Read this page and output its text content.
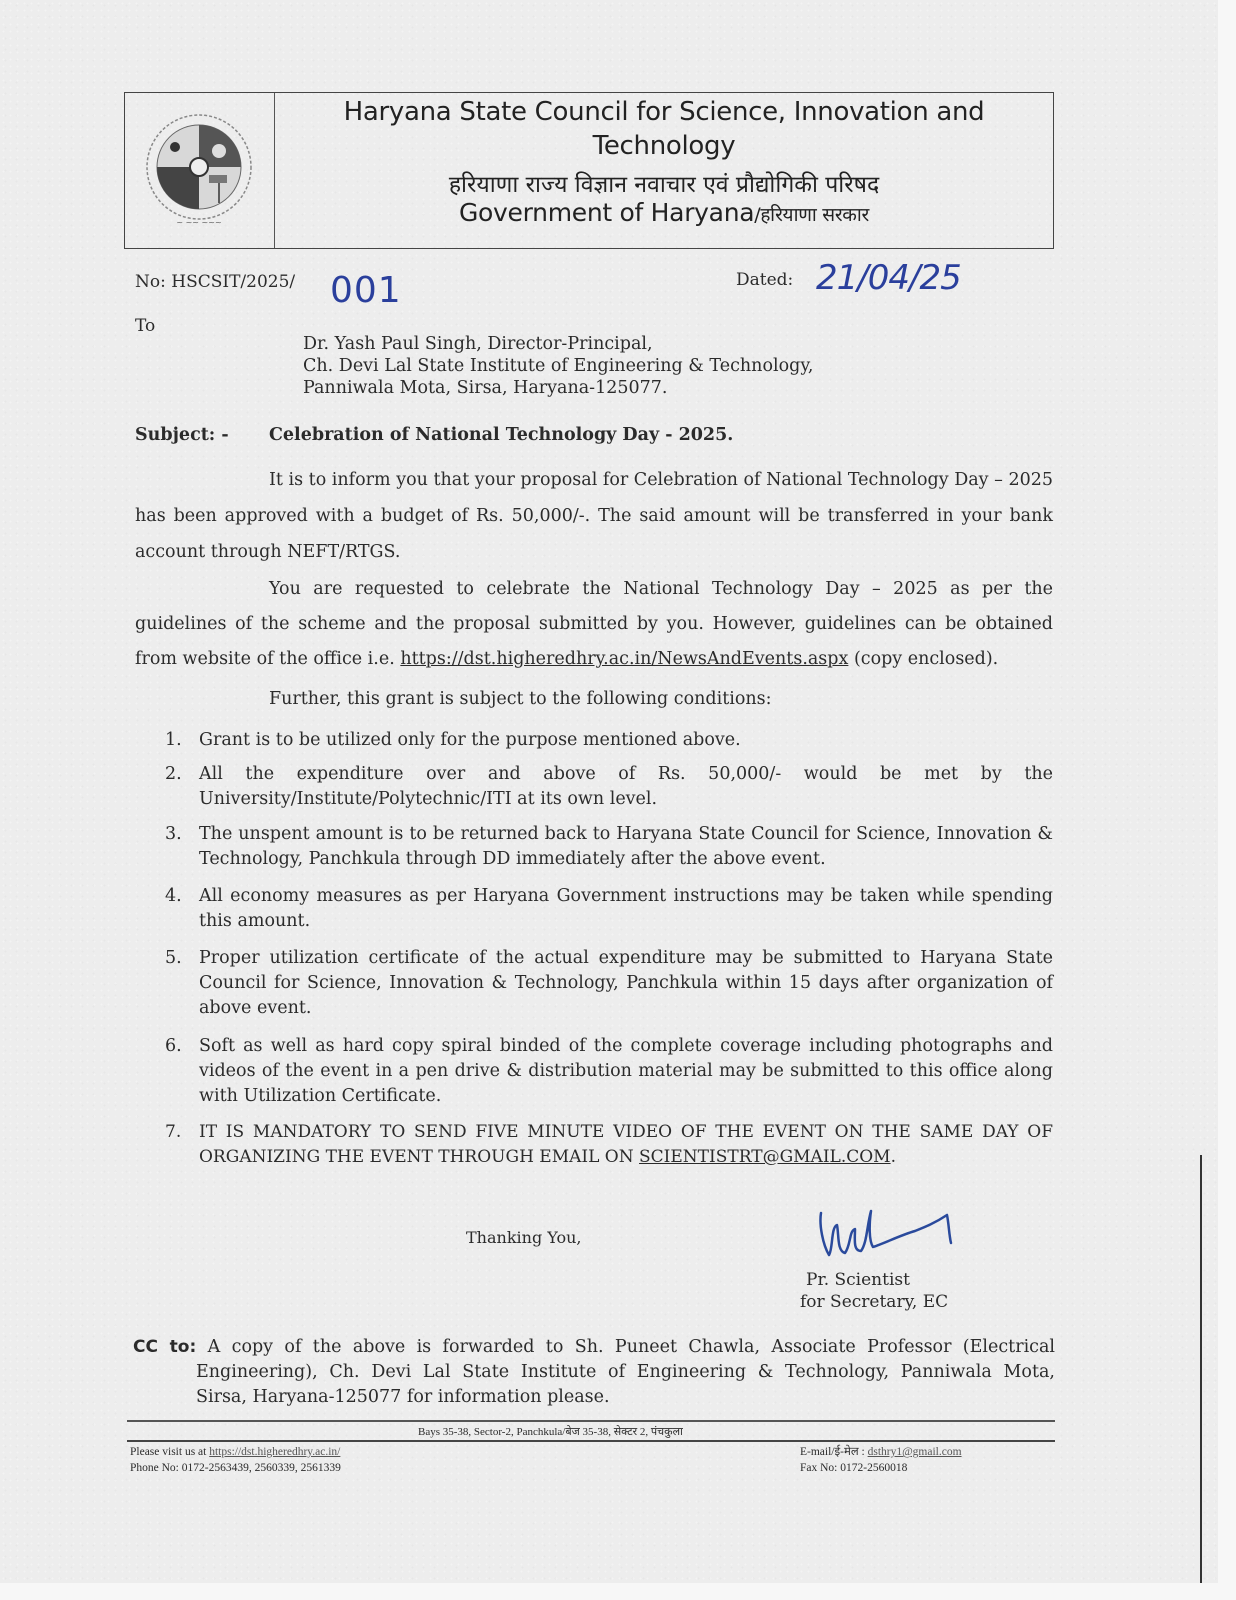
~ ~~ ~~~
Haryana State Council for Science, Innovation and
Technology
हरियाणा राज्य विज्ञान नवाचार एवं प्रौद्योगिकी परिषद
Government of Haryana/हरियाणा सरकार
No: HSCSIT/2025/ 001	Dated: 21/04/25
To
Dr. Yash Paul Singh, Director-Principal,
Ch. Devi Lal State Institute of Engineering & Technology,
Panniwala Mota, Sirsa, Haryana-125077.
Subject: - Celebration of National Technology Day - 2025.
It is to inform you that your proposal for Celebration of National Technology Day – 2025 has been approved with a budget of Rs. 50,000/-. The said amount will be transferred in your bank account through NEFT/RTGS.
You are requested to celebrate the National Technology Day – 2025 as per the guidelines of the scheme and the proposal submitted by you. However, guidelines can be obtained from website of the office i.e. https://dst.higheredhry.ac.in/NewsAndEvents.aspx (copy enclosed).
Further, this grant is subject to the following conditions:
1. Grant is to be utilized only for the purpose mentioned above.
2. All the expenditure over and above of Rs. 50,000/- would be met by the University/Institute/Polytechnic/ITI at its own level.
3. The unspent amount is to be returned back to Haryana State Council for Science, Innovation & Technology, Panchkula through DD immediately after the above event.
4. All economy measures as per Haryana Government instructions may be taken while spending this amount.
5. Proper utilization certificate of the actual expenditure may be submitted to Haryana State Council for Science, Innovation & Technology, Panchkula within 15 days after organization of above event.
6. Soft as well as hard copy spiral binded of the complete coverage including photographs and videos of the event in a pen drive & distribution material may be submitted to this office along with Utilization Certificate.
7. IT IS MANDATORY TO SEND FIVE MINUTE VIDEO OF THE EVENT ON THE SAME DAY OF ORGANIZING THE EVENT THROUGH EMAIL ON SCIENTISTRT@GMAIL.COM.
Thanking You,
Pr. Scientist
for Secretary, EC
CC to: A copy of the above is forwarded to Sh. Puneet Chawla, Associate Professor (Electrical
Engineering), Ch. Devi Lal State Institute of Engineering & Technology, Panniwala Mota,
Sirsa, Haryana-125077 for information please.
Bays 35-38, Sector-2, Panchkula/बेज 35-38, सेक्टर 2, पंचकुला
Please visit us at https://dst.higheredhry.ac.in/
Phone No: 0172-2563439, 2560339, 2561339
E-mail/ई-मेल : dsthry1@gmail.com
Fax No: 0172-2560018
